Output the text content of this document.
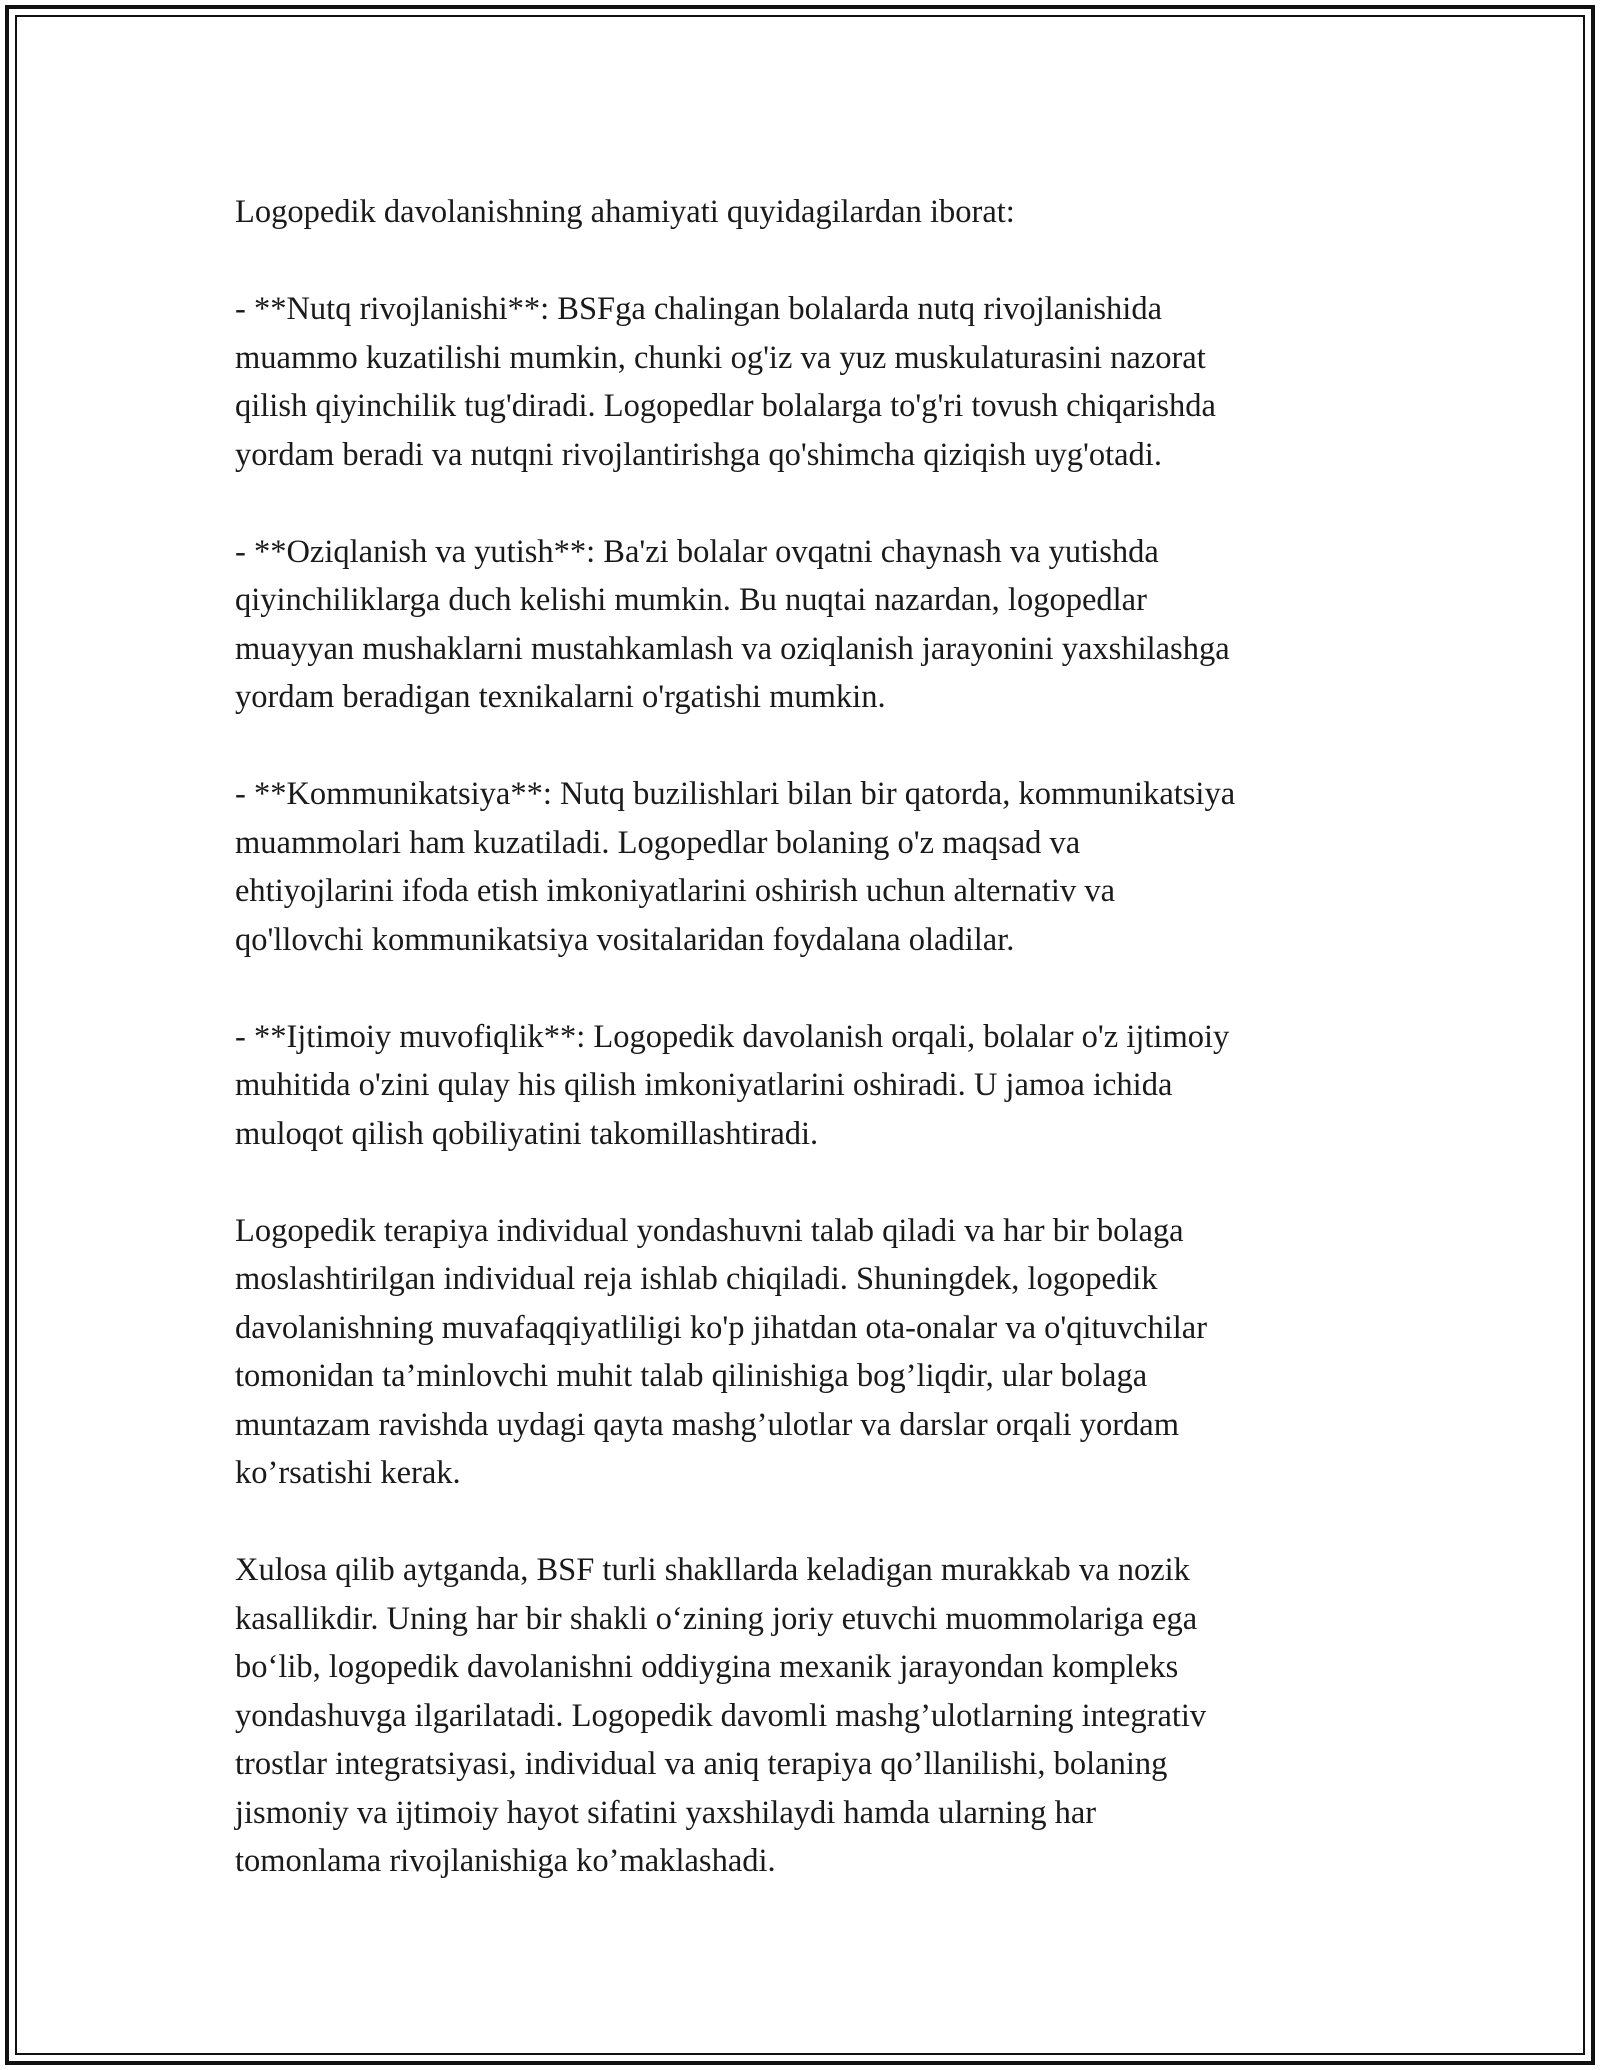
Logopedik davolanishning ahamiyati quyidagilardan iborat:

- **Nutq rivojlanishi**: BSFga chalingan bolalarda nutq rivojlanishida
muammo kuzatilishi mumkin, chunki og'iz va yuz muskulaturasini nazorat
qilish qiyinchilik tug'diradi. Logopedlar bolalarga to'g'ri tovush chiqarishda
yordam beradi va nutqni rivojlantirishga qo'shimcha qiziqish uyg'otadi.

- **Oziqlanish va yutish**: Ba'zi bolalar ovqatni chaynash va yutishda
qiyinchiliklarga duch kelishi mumkin. Bu nuqtai nazardan, logopedlar
muayyan mushaklarni mustahkamlash va oziqlanish jarayonini yaxshilashga
yordam beradigan texnikalarni o'rgatishi mumkin.

- **Kommunikatsiya**: Nutq buzilishlari bilan bir qatorda, kommunikatsiya
muammolari ham kuzatiladi. Logopedlar bolaning o'z maqsad va
ehtiyojlarini ifoda etish imkoniyatlarini oshirish uchun alternativ va
qo'llovchi kommunikatsiya vositalaridan foydalana oladilar.

- **Ijtimoiy muvofiqlik**: Logopedik davolanish orqali, bolalar o'z ijtimoiy
muhitida o'zini qulay his qilish imkoniyatlarini oshiradi. U jamoa ichida
muloqot qilish qobiliyatini takomillashtiradi.

Logopedik terapiya individual yondashuvni talab qiladi va har bir bolaga
moslashtirilgan individual reja ishlab chiqiladi. Shuningdek, logopedik
davolanishning muvafaqqiyatliligi ko'p jihatdan ota-onalar va o'qituvchilar
tomonidan ta’minlovchi muhit talab qilinishiga bog’liqdir, ular bolaga
muntazam ravishda uydagi qayta mashg’ulotlar va darslar orqali yordam
ko’rsatishi kerak.

Xulosa qilib aytganda, BSF turli shakllarda keladigan murakkab va nozik
kasallikdir. Uning har bir shakli o‘zining joriy etuvchi muommolariga ega
bo‘lib, logopedik davolanishni oddiygina mexanik jarayondan kompleks
yondashuvga ilgarilatadi. Logopedik davomli mashg’ulotlarning integrativ
trostlar integratsiyasi, individual va aniq terapiya qo’llanilishi, bolaning
jismoniy va ijtimoiy hayot sifatini yaxshilaydi hamda ularning har
tomonlama rivojlanishiga ko’maklashadi.
